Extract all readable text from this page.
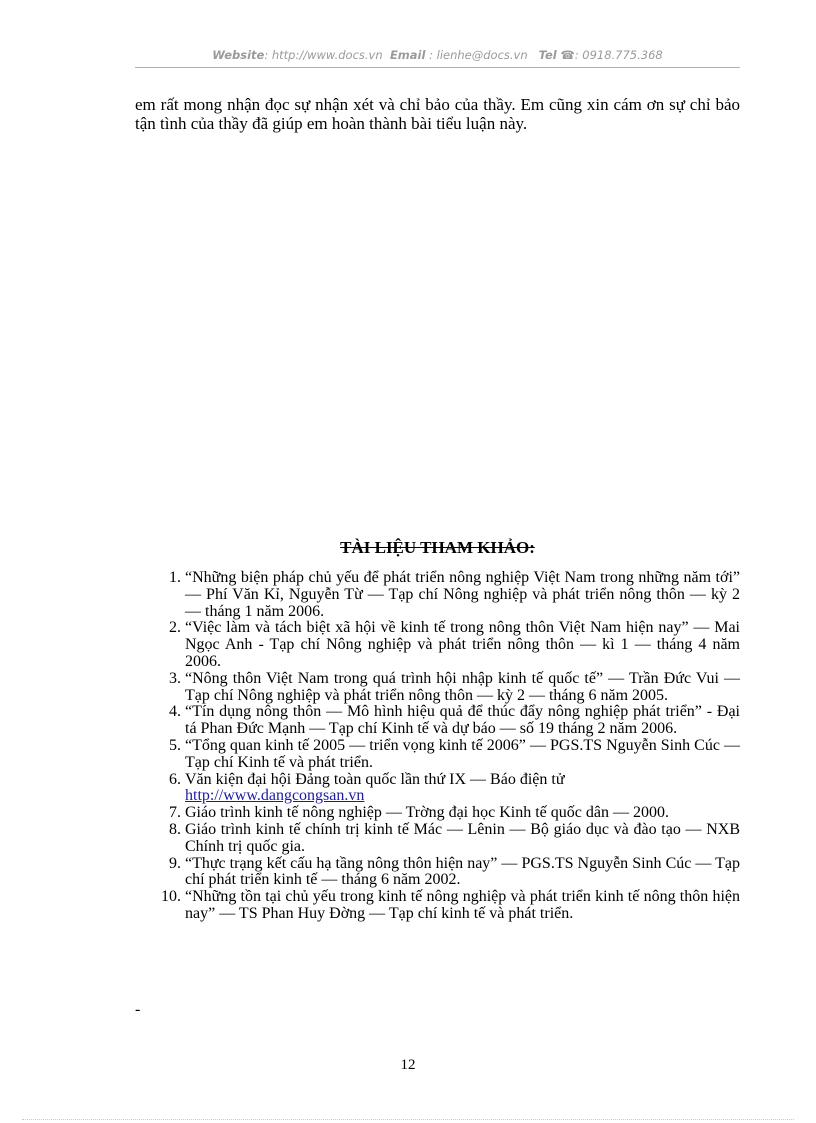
Website: http://www.docs.vn Email : lienhe@docs.vn Tel ☎: 0918.775.368
em rất mong nhận đọc sự nhận xét và chỉ bảo của thầy. Em cũng xin cám ơn sự chỉ bảo tận tình của thầy đã giúp em hoàn thành bài tiểu luận này.
TÀI LIỆU THAM KHẢO:
1. “Những biện pháp chủ yếu để phát triển nông nghiệp Việt Nam trong những năm tới” — Phí Văn Kỉ, Nguyễn Từ — Tạp chí Nông nghiệp và phát triển nông thôn — kỳ 2 — tháng 1 năm 2006.
2. “Việc làm và tách biệt xã hội về kinh tế trong nông thôn Việt Nam hiện nay” — Mai Ngọc Anh - Tạp chí Nông nghiệp và phát triển nông thôn — kì 1 — tháng 4 năm 2006.
3. “Nông thôn Việt Nam trong quá trình hội nhập kinh tế quốc tế” — Trần Đức Vui — Tạp chí Nông nghiệp và phát triển nông thôn — kỳ 2 — tháng 6 năm 2005.
4. “Tín dụng nông thôn — Mô hình hiệu quả để thúc đẩy nông nghiệp phát triển” - Đại tá Phan Đức Mạnh — Tạp chí Kinh tế và dự báo — số 19 tháng 2 năm 2006.
5. “Tổng quan kinh tế 2005 — triển vọng kinh tế 2006” — PGS.TS Nguyễn Sinh Cúc — Tạp chí Kinh tế và phát triển.
6. Văn kiện đại hội Đảng toàn quốc lần thứ IX — Báo điện tử
http://www.dangcongsan.vn
7. Giáo trình kinh tế nông nghiệp — Trờng đại học Kinh tế quốc dân — 2000.
8. Giáo trình kinh tế chính trị kinh tế Mác — Lênin — Bộ giáo dục và đào tạo — NXB Chính trị quốc gia.
9. “Thực trạng kết cấu hạ tầng nông thôn hiện nay” — PGS.TS Nguyễn Sinh Cúc — Tạp chí phát triển kinh tế — tháng 6 năm 2002.
10. “Những tồn tại chủ yếu trong kinh tế nông nghiệp và phát triển kinh tế nông thôn hiện nay” — TS Phan Huy Đờng — Tạp chí kinh tế và phát triển.
-
12
